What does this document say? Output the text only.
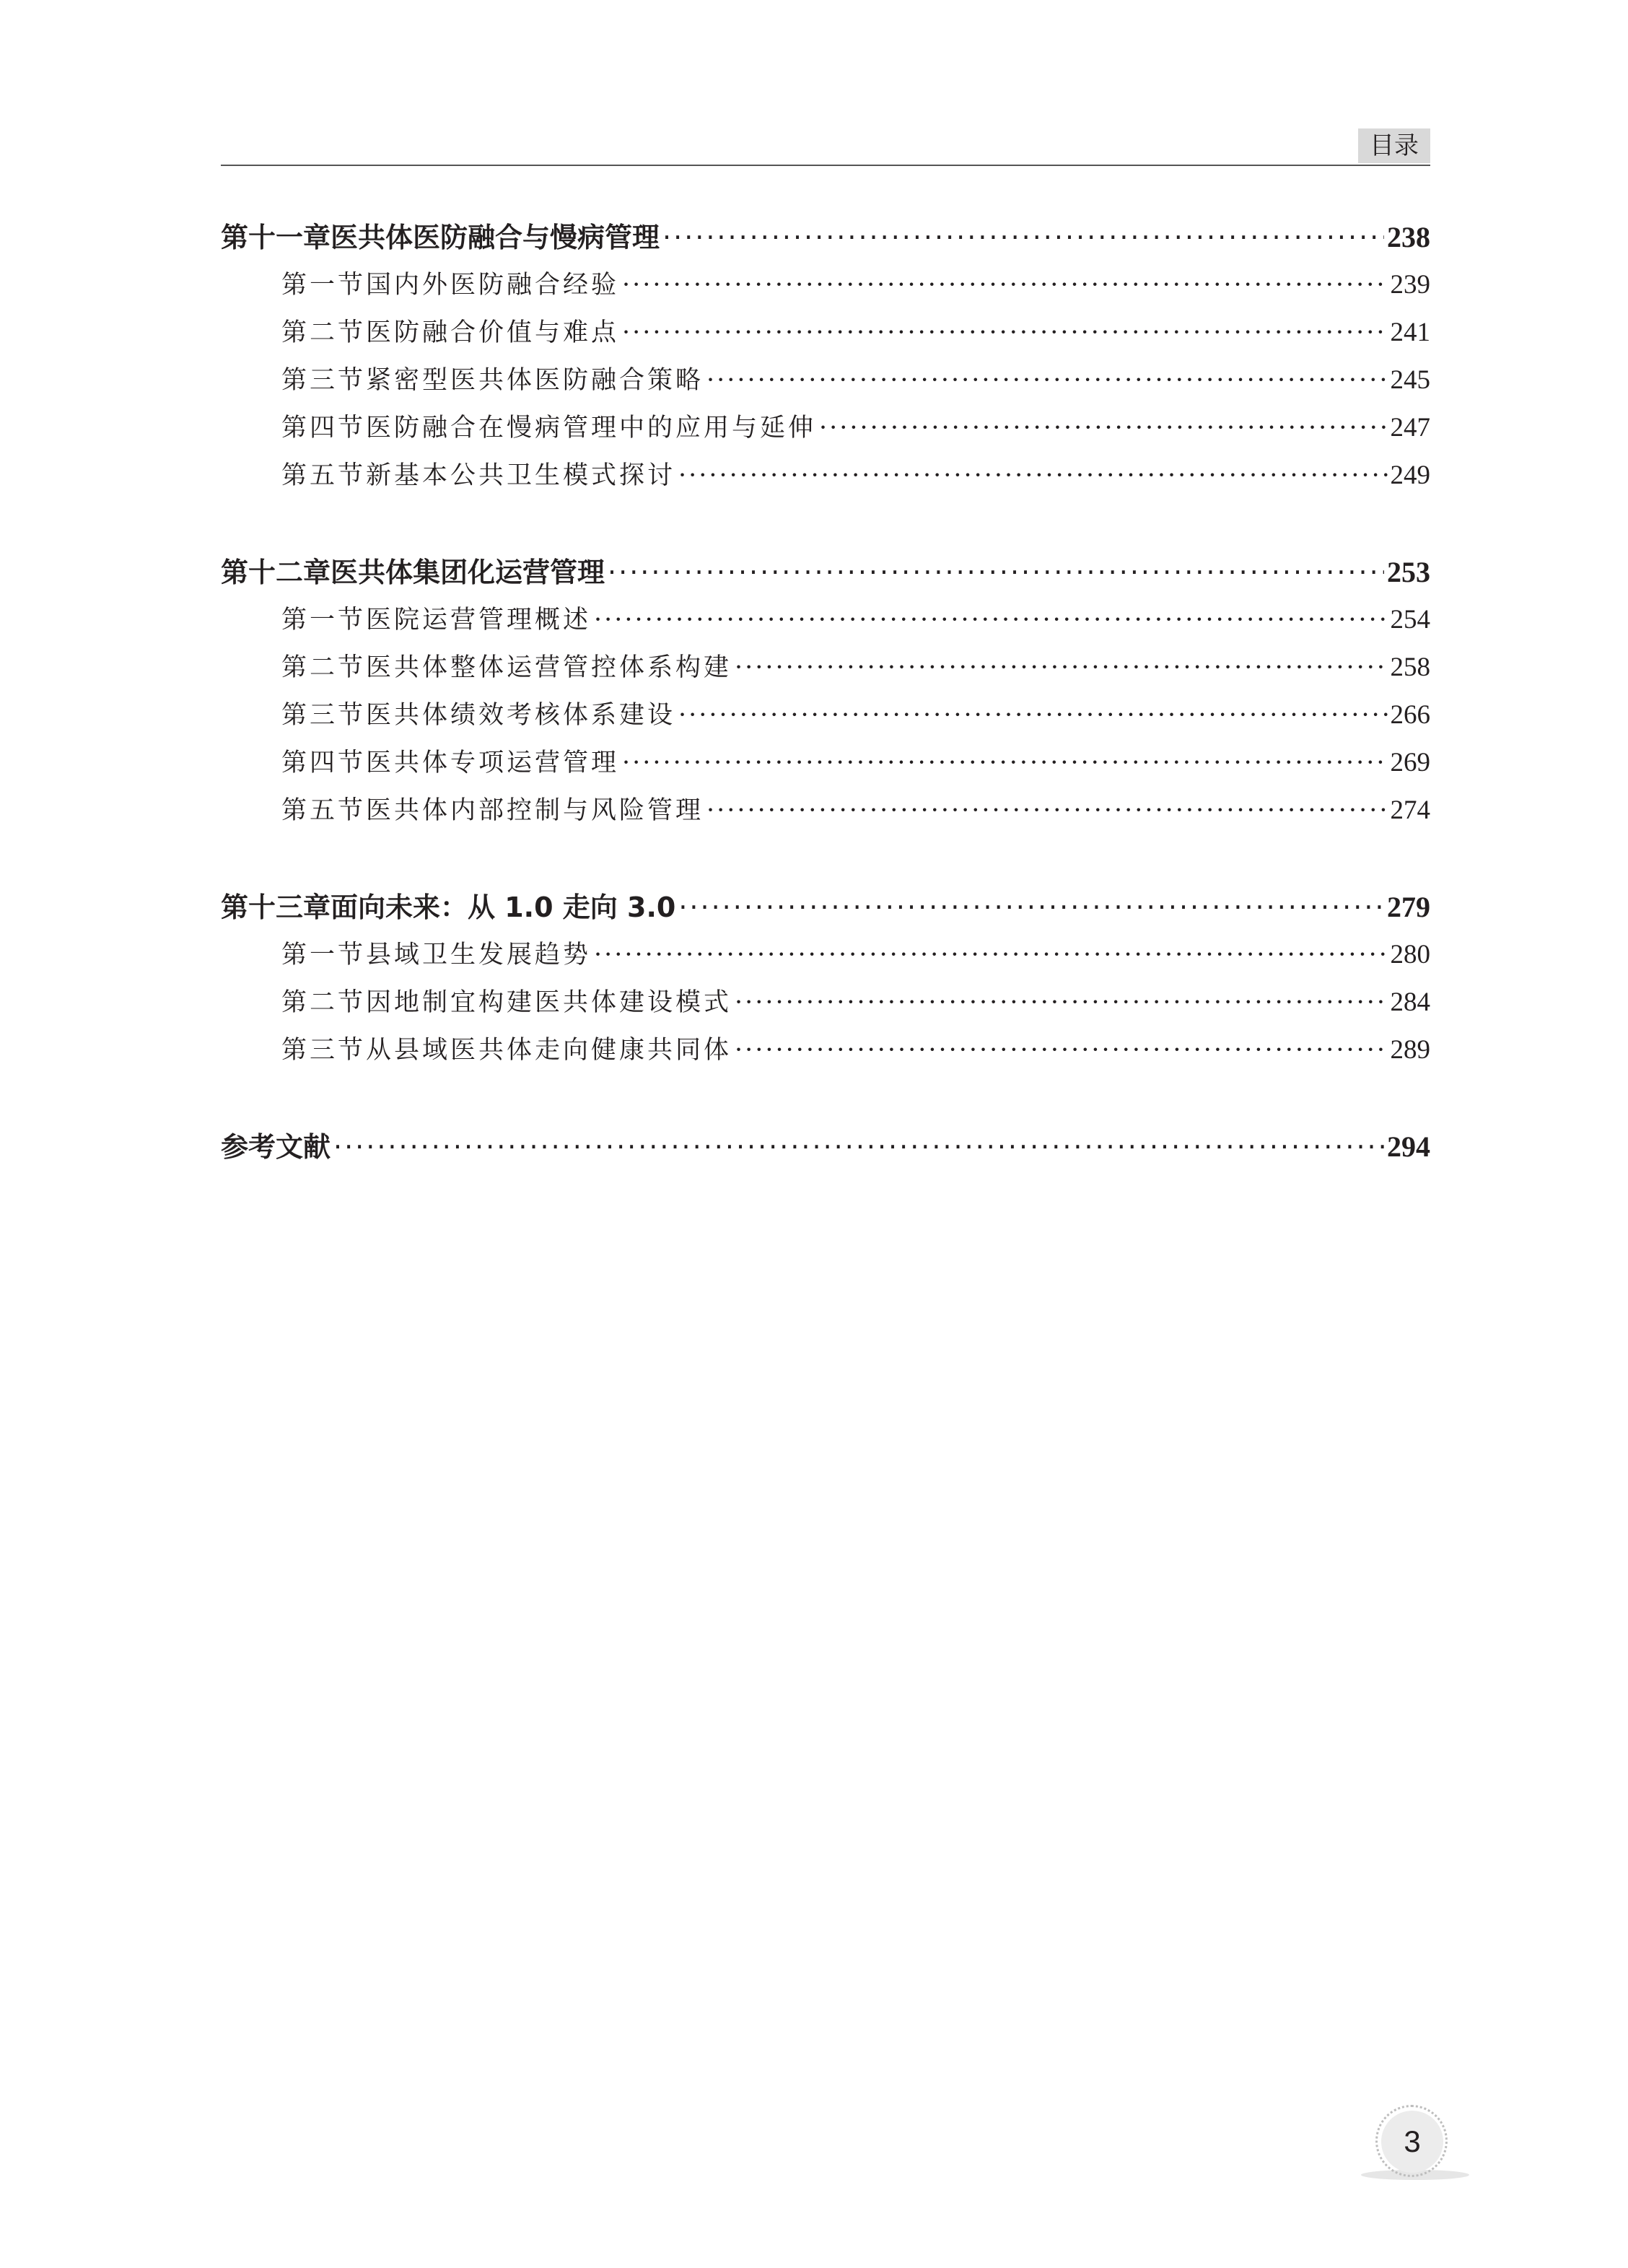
目录
第十一章 医共体医防融合与慢病管理 ·····	238
第一节 国内外医防融合经验 ·····	239
第二节 医防融合价值与难点 ·····	241
第三节 紧密型医共体医防融合策略 ·····	245
第四节 医防融合在慢病管理中的应用与延伸 ·····	247
第五节 新基本公共卫生模式探讨 ·····	249
第十二章 医共体集团化运营管理 ·····	253
第一节 医院运营管理概述 ·····	254
第二节 医共体整体运营管控体系构建 ·····	258
第三节 医共体绩效考核体系建设 ·····	266
第四节 医共体专项运营管理 ·····	269
第五节 医共体内部控制与风险管理 ·····	274
第十三章 面向未来：从 1.0 走向 3.0 ·····	279
第一节 县域卫生发展趋势 ·····	280
第二节 因地制宜构建医共体建设模式 ·····	284
第三节 从县域医共体走向健康共同体 ·····	289
参考文献 ·····	294
3
